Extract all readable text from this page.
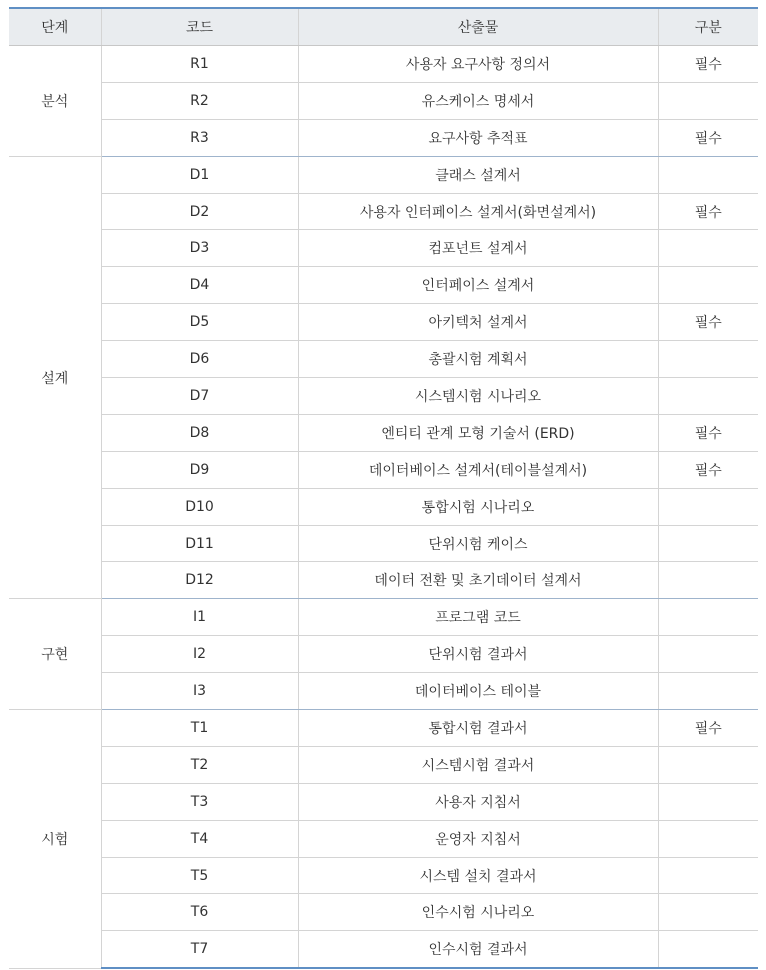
단계	코드	산출물	구분
분석	R1	사용자 요구사항 정의서	필수
	R2	유스케이스 명세서	
	R3	요구사항 추적표	필수
설계	D1	클래스 설계서	
	D2	사용자 인터페이스 설계서(화면설계서)	필수
	D3	컴포넌트 설계서	
	D4	인터페이스 설계서	
	D5	아키텍처 설계서	필수
	D6	총괄시험 계획서	
	D7	시스템시험 시나리오	
	D8	엔티티 관계 모형 기술서 (ERD)	필수
	D9	데이터베이스 설계서(테이블설계서)	필수
	D10	통합시험 시나리오	
	D11	단위시험 케이스	
	D12	데이터 전환 및 초기데이터 설계서	
구현	I1	프로그램 코드	
	I2	단위시험 결과서	
	I3	데이터베이스 테이블	
시험	T1	통합시험 결과서	필수
	T2	시스템시험 결과서	
	T3	사용자 지침서	
	T4	운영자 지침서	
	T5	시스템 설치 결과서	
	T6	인수시험 시나리오	
	T7	인수시험 결과서	
